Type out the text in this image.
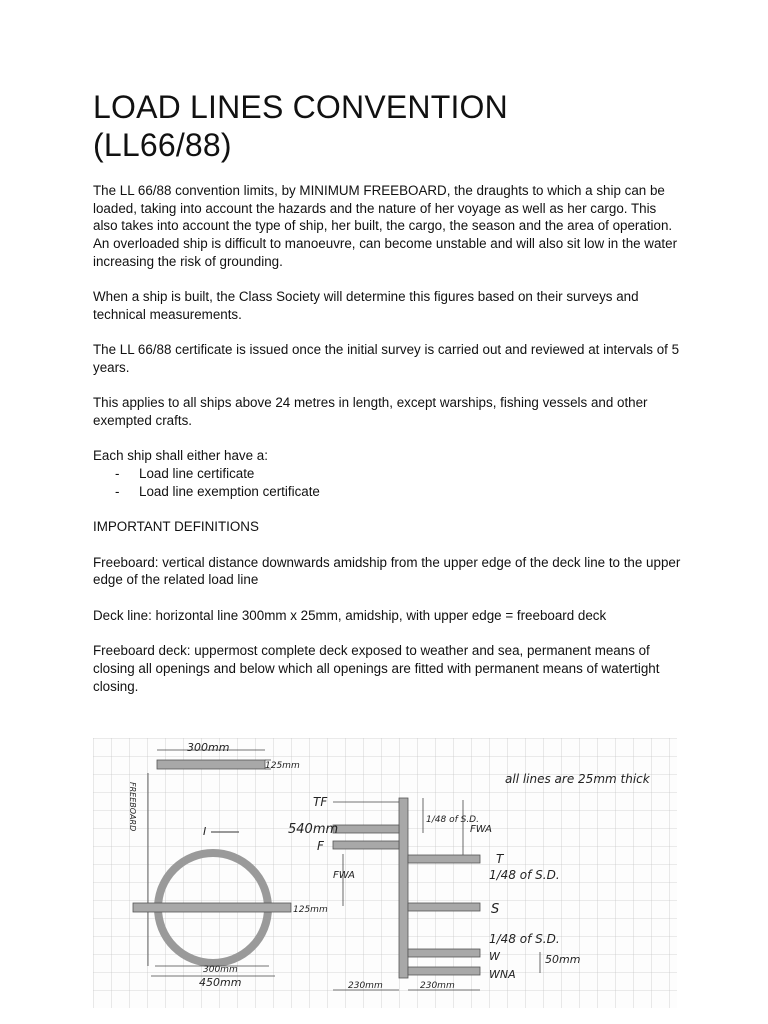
LOAD LINES CONVENTION
(LL66/88)

The LL 66/88 convention limits, by MINIMUM FREEBOARD, the draughts to which a ship can be loaded, taking into account the hazards and the nature of her voyage as well as her cargo. This also takes into account the type of ship, her built, the cargo, the season and the area of operation.

An overloaded ship is difficult to manoeuvre, can become unstable and will also sit low in the water increasing the risk of grounding.

When a ship is built, the Class Society will determine this figures based on their surveys and technical measurements.

The LL 66/88 certificate is issued once the initial survey is carried out and reviewed at intervals of 5 years.

This applies to all ships above 24 metres in length, except warships, fishing vessels and other exempted crafts.

Each ship shall either have a:

- Load line certificate
- Load line exemption certificate

IMPORTANT DEFINITIONS

Freeboard: vertical distance downwards amidship from the upper edge of the deck line to the upper edge of the related load line

Deck line: horizontal line 300mm x 25mm, amidship, with upper edge = freeboard deck

Freeboard deck: uppermost complete deck exposed to weather and sea, permanent means of closing all openings and below which all openings are fitted with permanent means of watertight closing.

300mm
125mm
FREEBOARD
I
125mm
300mm
450mm
TF
540mm
F
FWA
1/48 of S.D.
FWA
all lines are 25mm thick
T
1/48 of S.D.
S
1/48 of S.D.
W	50mm
WNA
230mm	230mm
